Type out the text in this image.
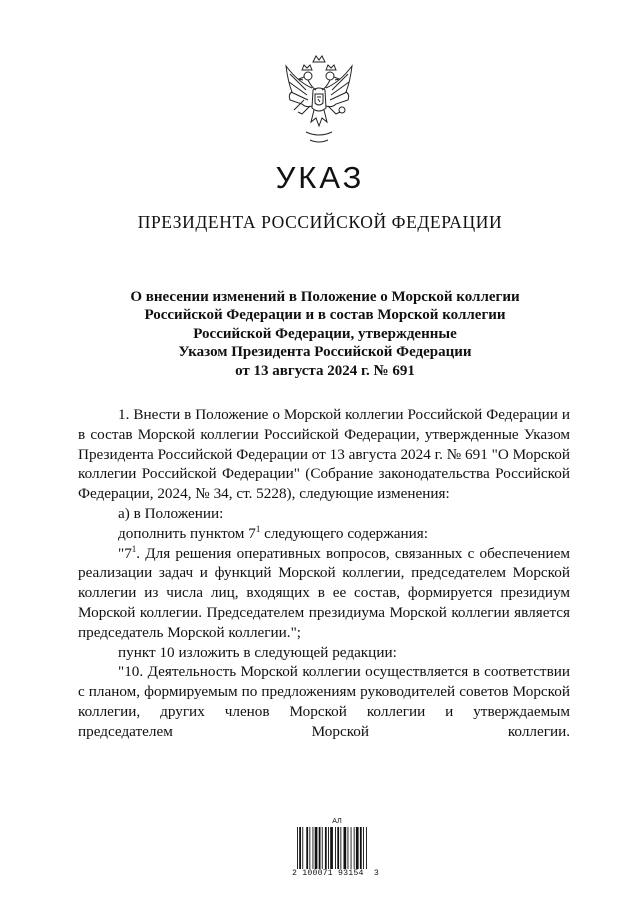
УКАЗ
ПРЕЗИДЕНТА РОССИЙСКОЙ ФЕДЕРАЦИИ
О внесении изменений в Положение о Морской коллегии
Российской Федерации и в состав Морской коллегии
Российской Федерации, утвержденные
Указом Президента Российской Федерации
от 13 августа 2024 г. № 691

1. Внести в Положение о Морской коллегии Российской Федерации и в состав Морской коллегии Российской Федерации, утвержденные Указом Президента Российской Федерации от 13 августа 2024 г. № 691 "О Морской коллегии Российской Федерации" (Собрание законодательства Российской Федерации, 2024, № 34, ст. 5228), следующие изменения:

а) в Положении:

дополнить пунктом $7^1$ следующего содержания:

"$7^1$. Для решения оперативных вопросов, связанных с обеспечением реализации задач и функций Морской коллегии, председателем Морской коллегии из числа лиц, входящих в ее состав, формируется президиум Морской коллегии. Председателем президиума Морской коллегии является председатель Морской коллегии.";

пункт 10 изложить в следующей редакции:

"10. Деятельность Морской коллегии осуществляется в соответствии с планом, формируемым по предложениям руководителей советов Морской коллегии, других членов Морской коллегии и утверждаемым председателем Морской коллегии.

АЛ
2 100071 93154  3
